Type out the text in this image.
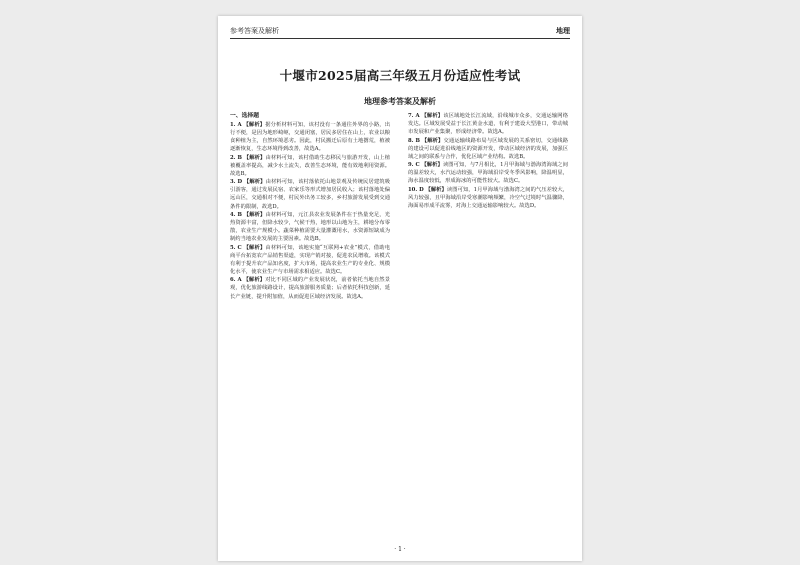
参考答案及解析	地理
十堰市2025届高三年级五月份适应性考试
地理参考答案及解析
一、选择题
1. A 【解析】据分析材料可知，该村没有一条通往外界的小路，出行不便，是因为地形崎岖，交通闭塞，居民多居住在山上，农业以粮食种植为主，自然环境恶劣。因此，村民搬迁后原有土地撂荒，植被逐渐恢复，生态环境得到改善，故选A。
2. B 【解析】由材料可知，该村借助生态移民与旅游开发，山上植被覆盖率提高，减少水土流失，改善生态环境，能有效地利用资源。故选B。
3. D 【解析】由材料可知，该村落依托山地景观及传统民居建筑吸引游客，通过发展民宿、农家乐等形式增加居民收入；该村落地处偏远山区，交通相对不便，村民外出务工较多，乡村旅游发展受到交通条件的限制，故选D。
4. B 【解析】由材料可知，元江县农业发展条件在于热量充足，光热资源丰富，但降水较少，气候干热，地形以山地为主，耕地分布零散，农业生产规模小。蔬菜种植需要大量灌溉用水，水资源短缺成为制约当地农业发展的主要因素。故选B。
5. C 【解析】由材料可知，该地实施“互联网+农业”模式，借助电商平台拓宽农产品销售渠道，实现产销对接，促进农民增收。该模式有利于提升农产品知名度，扩大市场，提高农业生产的专业化、规模化水平，使农业生产与市场需求相适应。故选C。
6. A 【解析】对比不同区域的产业发展状况，前者依托当地自然景观，优化旅游线路设计，提高旅游服务质量；后者依托科技创新，延长产业链，提升附加值，从而促进区域经济发展。故选A。
7. A 【解析】该区域地处长江流域，沿线城市众多，交通运输网络发达。区域发展受益于长江黄金水道，有利于建设大型港口，带动城市发展和产业集聚，形成经济带。故选A。
8. B 【解析】交通运输线路布局与区域发展的关系密切，交通线路的建设可以促进沿线地区的资源开发，带动区域经济的发展，加强区域之间的联系与合作，优化区域产业结构。故选B。
9. C 【解析】读图可知，与7月相比，1月甲海域与渤海湾海域之间的温差较大，水汽运动较强，甲海域沿岸受冬季风影响，降温明显，海水温度较低，形成海冰的可能性较大。故选C。
10. D 【解析】读图可知，1月甲海域与渤海湾之间的气压差较大，风力较强，且甲海域沿岸受寒潮影响频繁，冷空气过境时气温骤降，海面易形成平流雾，对海上交通运输影响较大。故选D。
· 1 ·
